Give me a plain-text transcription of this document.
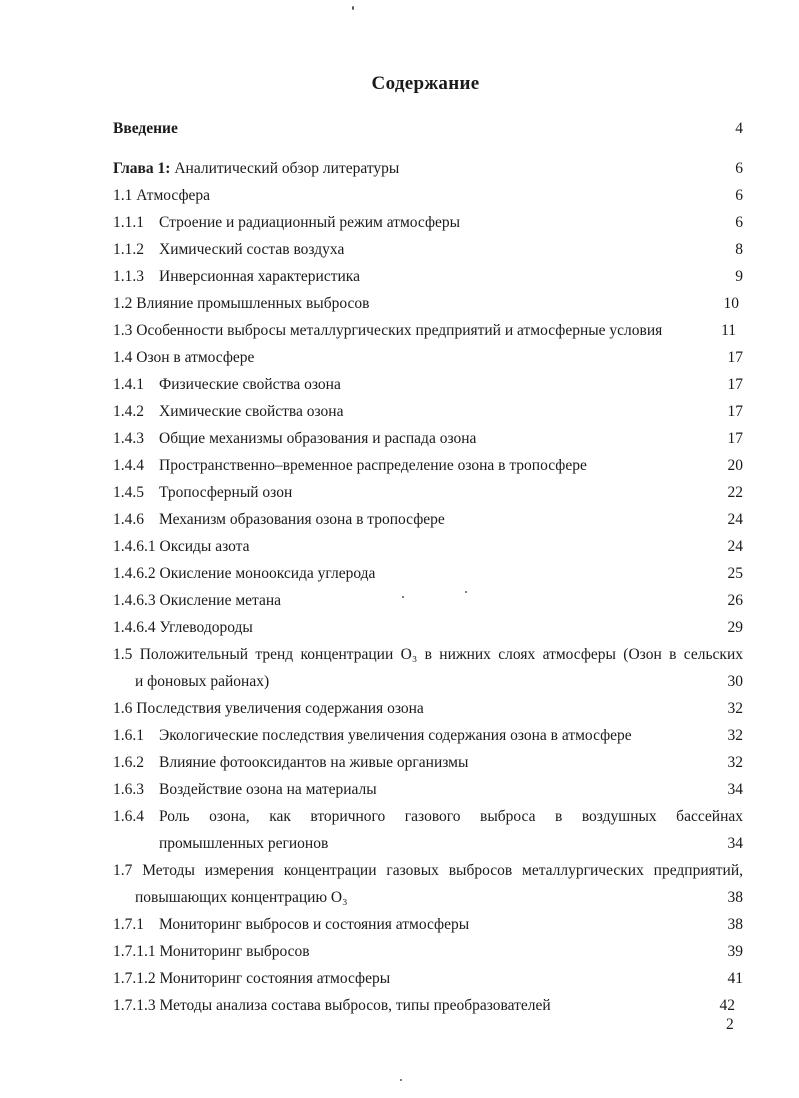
Содержание
Введение	4
Глава 1: Аналитический обзор литературы	6
1.1 Атмосфера	6
1.1.1 Строение и радиационный режим атмосферы	6
1.1.2 Химический состав воздуха	8
1.1.3 Инверсионная характеристика	9
1.2 Влияние промышленных выбросов	10
1.3 Особенности выбросы металлургических предприятий и атмосферные условия	11
1.4 Озон в атмосфере	17
1.4.1 Физические свойства озона	17
1.4.2 Химические свойства озона	17
1.4.3 Общие механизмы образования и распада озона	17
1.4.4 Пространственно–временное распределение озона в тропосфере	20
1.4.5 Тропосферный озон	22
1.4.6 Механизм образования озона в тропосфере	24
1.4.6.1 Оксиды азота	24
1.4.6.2 Окисление монооксида углерода	25
1.4.6.3 Окисление метана	26
1.4.6.4 Углеводороды	29
1.5 Положительный тренд концентрации O₃ в нижних слоях атмосферы (Озон в сельских
и фоновых районах)	30
1.6 Последствия увеличения содержания озона	32
1.6.1 Экологические последствия увеличения содержания озона в атмосфере	32
1.6.2 Влияние фотооксидантов на живые организмы	32
1.6.3 Воздействие озона на материалы	34
1.6.4 Роль озона, как вторичного газового выброса в воздушных бассейнах
промышленных регионов	34
1.7 Методы измерения концентрации газовых выбросов металлургических предприятий,
повышающих концентрацию O₃	38
1.7.1 Мониторинг выбросов и состояния атмосферы	38
1.7.1.1 Мониторинг выбросов	39
1.7.1.2 Мониторинг состояния атмосферы	41
1.7.1.3 Методы анализа состава выбросов, типы преобразователей	42
2
